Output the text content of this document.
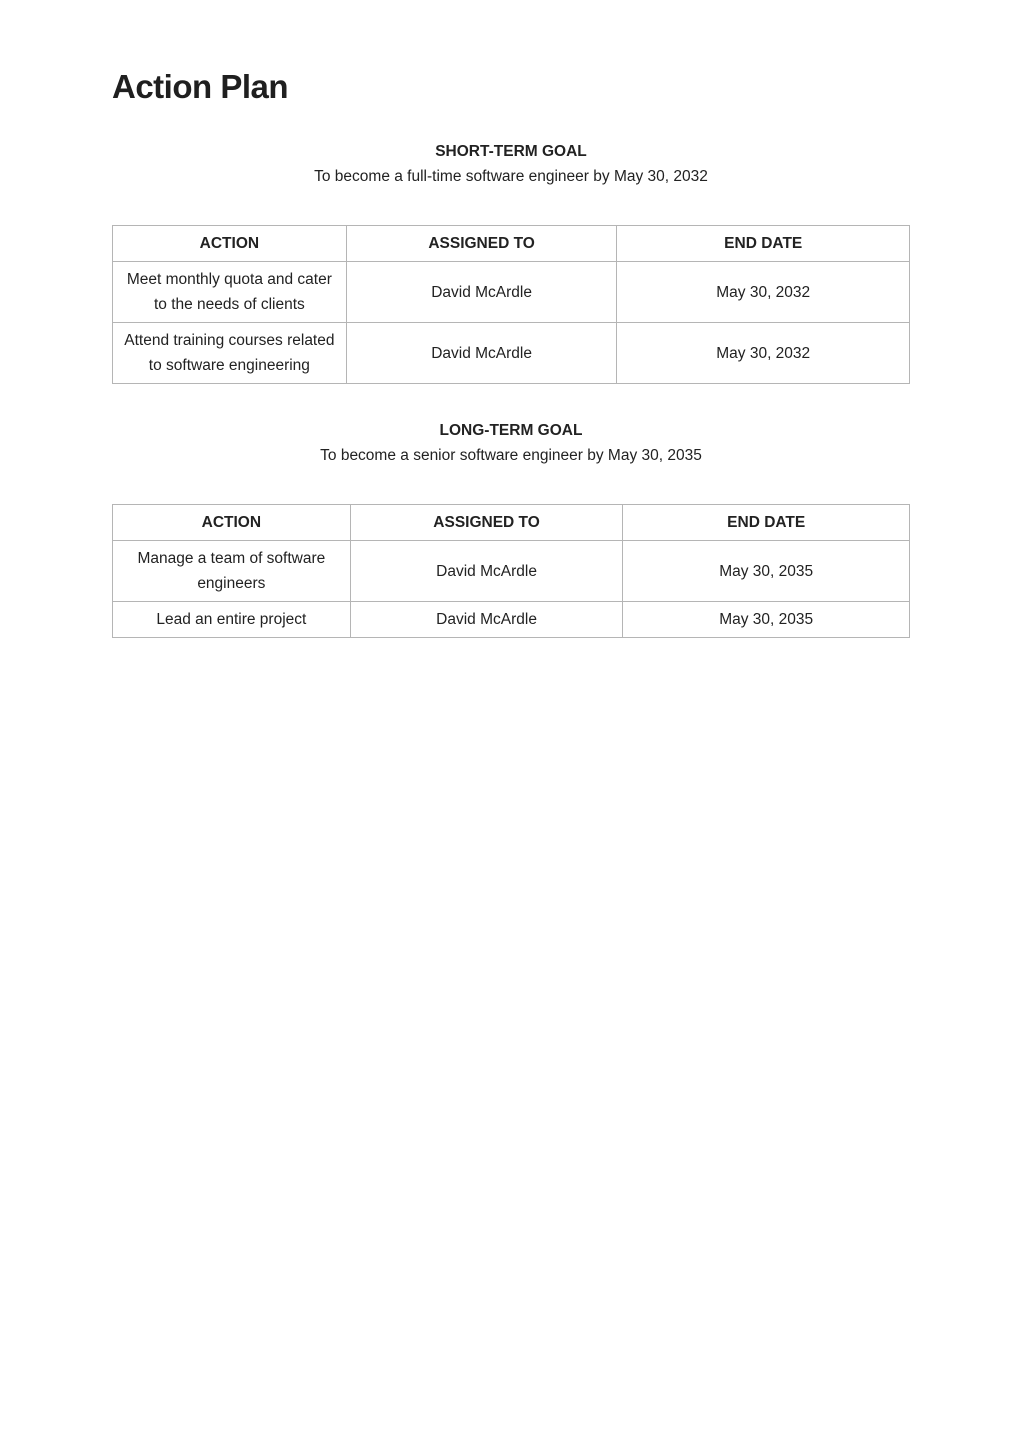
Action Plan
SHORT-TERM GOAL
To become a full-time software engineer by May 30, 2032
ACTION	ASSIGNED TO	END DATE
Meet monthly quota and cater to the needs of clients	David McArdle	May 30, 2032
Attend training courses related to software engineering	David McArdle	May 30, 2032
LONG-TERM GOAL
To become a senior software engineer by May 30, 2035
ACTION	ASSIGNED TO	END DATE
Manage a team of software engineers	David McArdle	May 30, 2035
Lead an entire project	David McArdle	May 30, 2035
